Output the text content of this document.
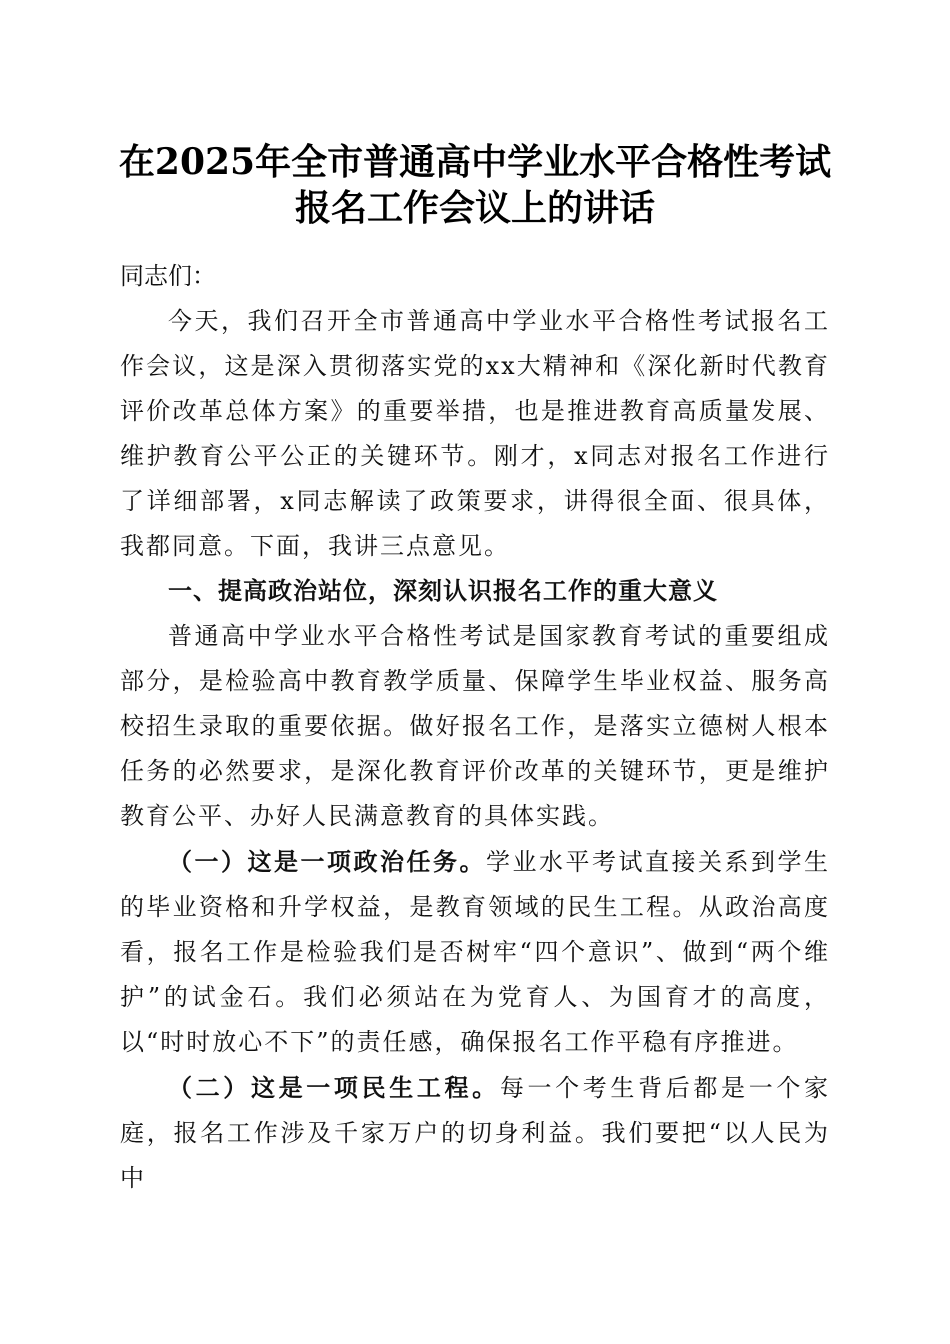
在2025年全市普通高中学业水平合格性考试
报名工作会议上的讲话
同志们：

今天，我们召开全市普通高中学业水平合格性考试报名工作会议，这是深入贯彻落实党的xx大精神和《深化新时代教育评价改革总体方案》的重要举措，也是推进教育高质量发展、维护教育公平公正的关键环节。刚才，x同志对报名工作进行了详细部署，x同志解读了政策要求，讲得很全面、很具体，我都同意。下面，我讲三点意见。

一、提高政治站位，深刻认识报名工作的重大意义

普通高中学业水平合格性考试是国家教育考试的重要组成部分，是检验高中教育教学质量、保障学生毕业权益、服务高校招生录取的重要依据。做好报名工作，是落实立德树人根本任务的必然要求，是深化教育评价改革的关键环节，更是维护教育公平、办好人民满意教育的具体实践。

（一）这是一项政治任务。学业水平考试直接关系到学生的毕业资格和升学权益，是教育领域的民生工程。从政治高度看，报名工作是检验我们是否树牢“四个意识”、做到“两个维护”的试金石。我们必须站在为党育人、为国育才的高度，以“时时放心不下”的责任感，确保报名工作平稳有序推进。

（二）这是一项民生工程。每一个考生背后都是一个家庭，报名工作涉及千家万户的切身利益。我们要把“以人民为中
